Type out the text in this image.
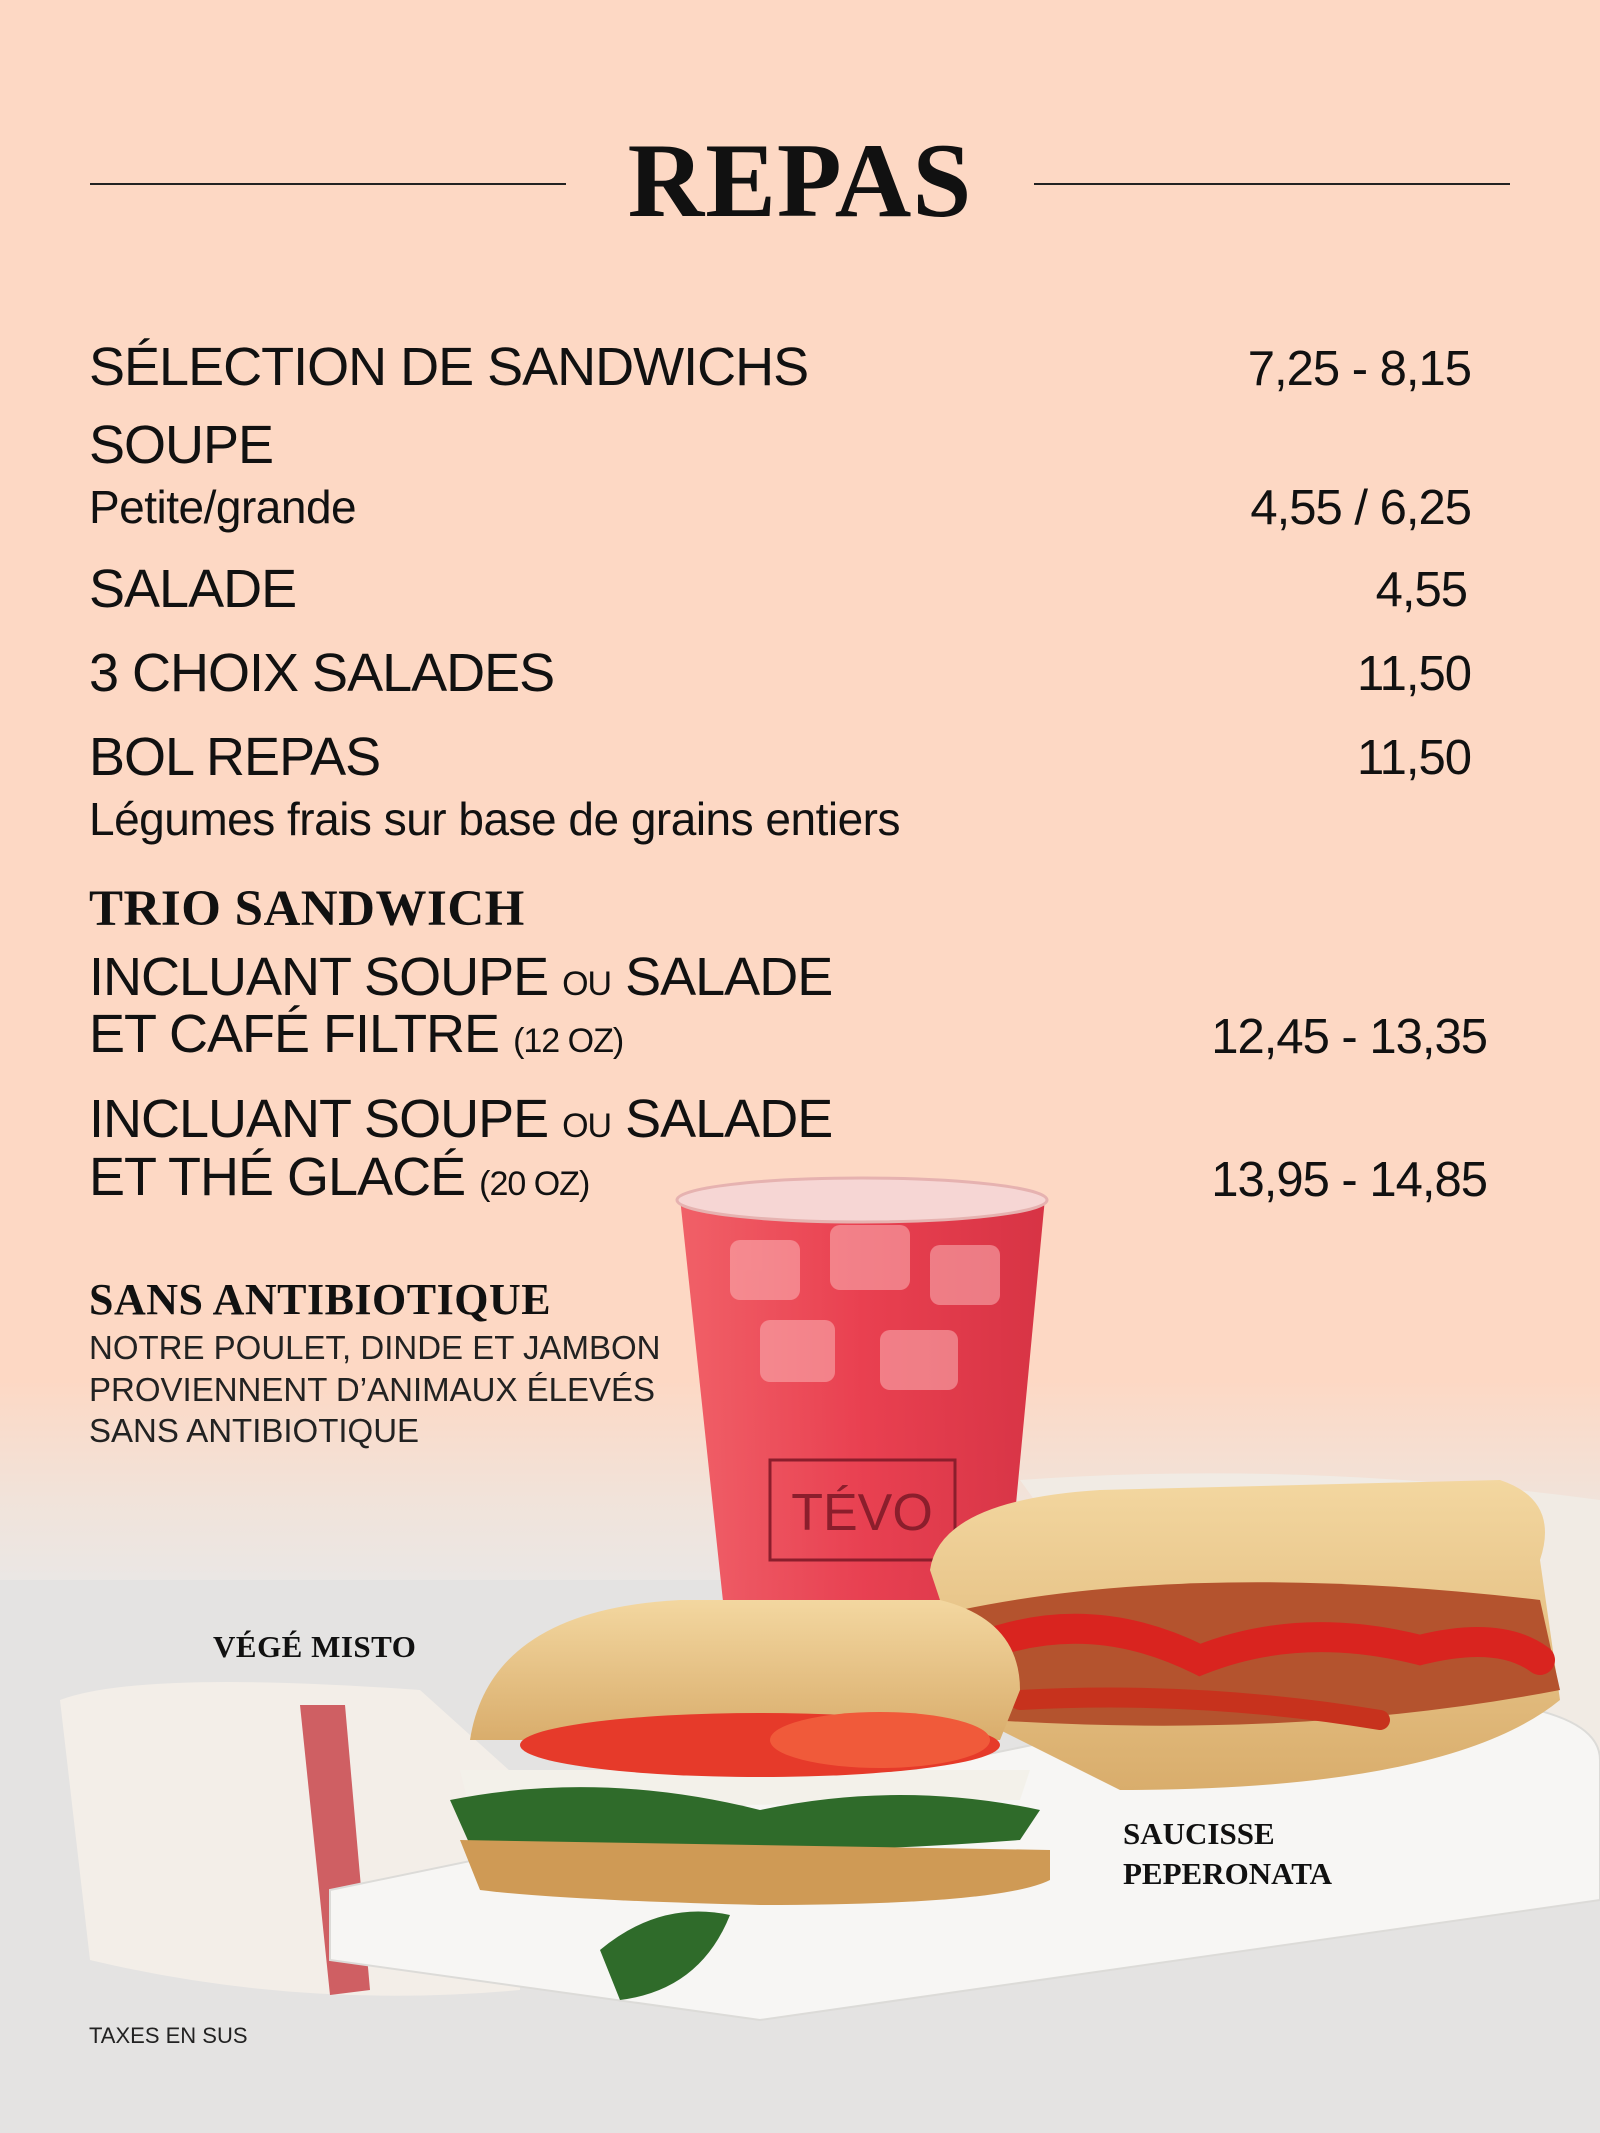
REPAS
SÉLECTION DE SANDWICHS	7,25 - 8,15
SOUPE
Petite/grande	4,55 / 6,25
SALADE	4,55
3 CHOIX SALADES	11,50
BOL REPAS	11,50
Légumes frais sur base de grains entiers
TRIO SANDWICH
INCLUANT SOUPE OU SALADE
ET CAFÉ FILTRE (12 OZ)	12,45 - 13,35
INCLUANT SOUPE OU SALADE
ET THÉ GLACÉ (20 OZ)	13,95 - 14,85
TÉVO
VÉGÉ MISTO
SAUCISSE
PEPERONATA
SANS ANTIBIOTIQUE
NOTRE POULET, DINDE ET JAMBON
PROVIENNENT D’ANIMAUX ÉLEVÉS
SANS ANTIBIOTIQUE
TAXES EN SUS
